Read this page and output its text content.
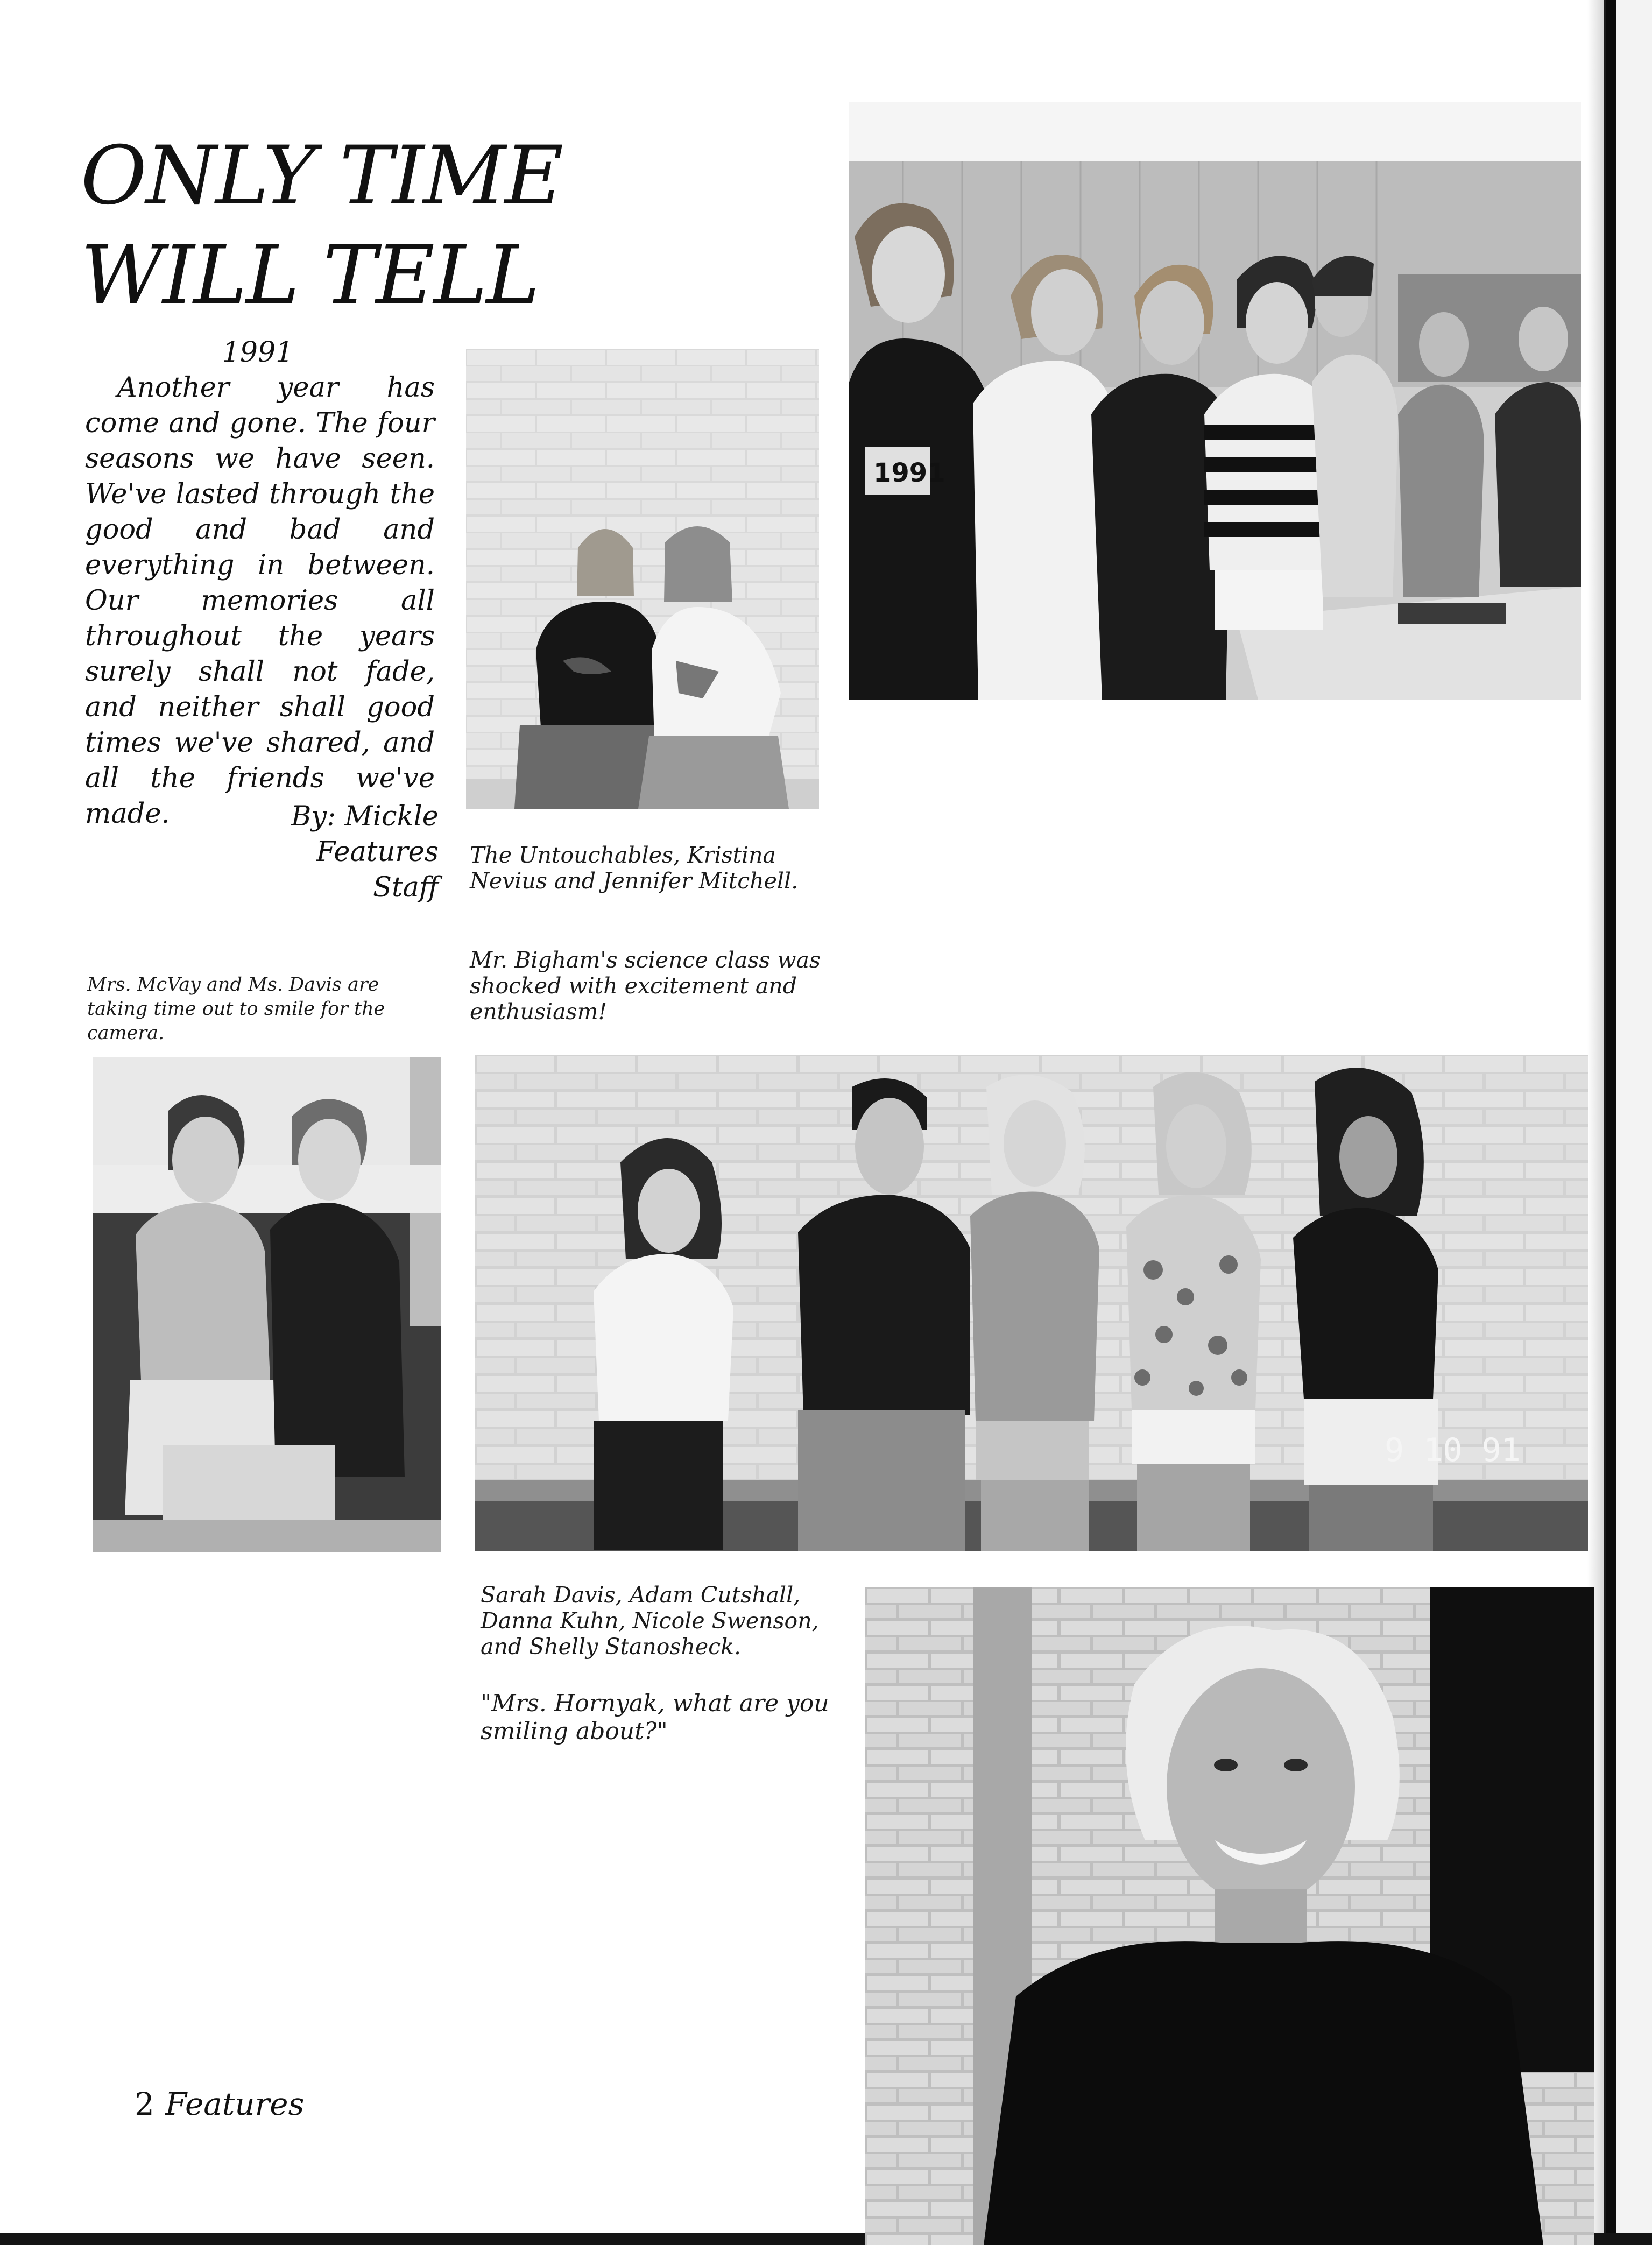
ONLY TIME
WILL TELL
1991
Another year has come and gone. The four seasons we have seen. We've lasted through the good and bad and everything in between. Our memories all throughout the years surely shall not fade, and neither shall good times we've shared, and all the friends we've made.	By: Mickle
Features
Staff
1991
The Untouchables, Kristina Nevius and Jennifer Mitchell.
Mr. Bigham's science class was shocked with excitement and enthusiasm!
Mrs. McVay and Ms. Davis are taking time out to smile for the camera.
9 10 91
Sarah Davis, Adam Cutshall, Danna Kuhn, Nicole Swenson, and Shelly Stanosheck.
"Mrs. Hornyak, what are you smiling about?"
2 Features
